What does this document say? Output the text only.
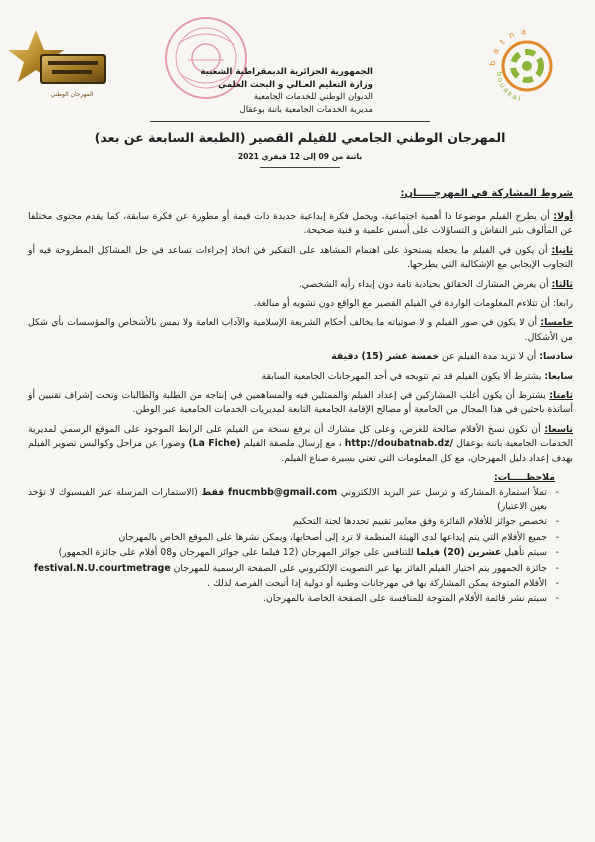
المهرجان الوطني
b a t n a
bouakal
الجمهورية الجزائرية الديمقراطية الشعبية
وزارة التعليم العـالي و البحث العلمي
الديوان الوطني للخدمات الجامعية
مديرية الخدمات الجامعية باتنة بوعقال
المهرجان الوطني الجامعي للفيلم القصير (الطبعة السابعة عن بعد)
باتنة من 09 إلى 12 فيفري 2021
شروط المشاركة في المهرجـــــان:

أولا: أن يطرح الفيلم موضوعا ذا أهمية اجتماعية، ويحمل فكرة إبداعية جديدة ذات قيمة أو مطورة عن فكرة سابقة، كما يقدم محتوى مختلفا عن المألوف بثير النقاش و التساؤلات على أسس علمية و فنية صحيحة.

ثانيا: أن يكون في الفيلم ما يجعله يستحوذ على اهتمام المشاهد على التفكير في اتخاذ إجراءات تساعد في حل المشاكل المطروحة فيه أو التجاوب الإيجابي مع الإشكالية التي يطرحها.

ثالثا: أن يعرض المشارك الحقائق بحيادية تامة دون إبداء رأيه الشخصي.

رابعا: أن تتلاءم المعلومات الواردة في الفيلم القصير مع الواقع دون تشويه أو مبالغة.

خامسا: أن لا يكون في صور الفيلم و لا صوتياته ما يخالف أحكام الشريعة الإسلامية والآداب العامة ولا يمس بالأشخاص والمؤسسات بأي شكل من الأشكال.

سادسا: أن لا تزيد مدة الفيلم عن خمسة عشر (15) دقيقة

سابعا: يشترط ألا يكون الفيلم قد تم تتويجه في أحد المهرجانات الجامعية السابقة

ثامنا: يشترط أن يكون أغلب المشاركين في إعداد الفيلم والممثلين فيه والمساهمين في إنتاجه من الطلبة والطالبات وتحت إشراف تقنيين أو أساتذة باحثين في هذا المجال من الجامعة أو مصالح الإقامة الجامعية التابعة لمديريات الخدمات الجامعية عبر الوطن.

تاسعا: أن تكون نسخ الأفلام صالحة للعرض، وعلى كل مشارك أن يرفع نسخة من الفيلم على الرابط الموجود على الموقع الرسمي لمديرية الخدمات الجامعية باتنة بوعقال http://doubatnab.dz/ ، مع إرسال ملصقة الفيلم (La Fiche) وصورا عن مراحل وكواليس تصوير الفيلم بهدف إعداد دليل المهرجان، مع كل المعلومات التي تعني بسيرة صناع الفيلم.

ملاحظـــــات:
- تملأ استمارة المشاركة و ترسل عبر البريد الالكتروني fnucmbb@gmail.com فقط (الاستمارات المرسلة عبر الفيسبوك لا تؤخذ بعين الاعتبار)
- تخصص جوائز للأفلام الفائزة وفق معايير تقييم تحددها لجنة التحكيم
- جميع الأفلام التي يتم إيداعها لدى الهيئة المنظمة لا ترد إلى أصحابها، ويمكن نشرها على الموقع الخاص بالمهرجان
- سيتم تأهيل عشرين (20) فيلما للتنافس على جوائز المهرجان (12 فيلما على جوائز المهرجان و08 أفلام على جائزة الجمهور)
- جائزة الجمهور يتم اختيار الفيلم الفائز بها عبر التصويت الإلكتروني على الصفحة الرسمية للمهرجان festival.N.U.courtmetrage
- الأفلام المتوجة يمكن المشاركة بها في مهرجانات وطنية أو دولية إذا أتيحت الفرصة لذلك .
- سيتم نشر قائمة الأفلام المتوجة للمنافسة على الصفحة الخاصة بالمهرجان.
